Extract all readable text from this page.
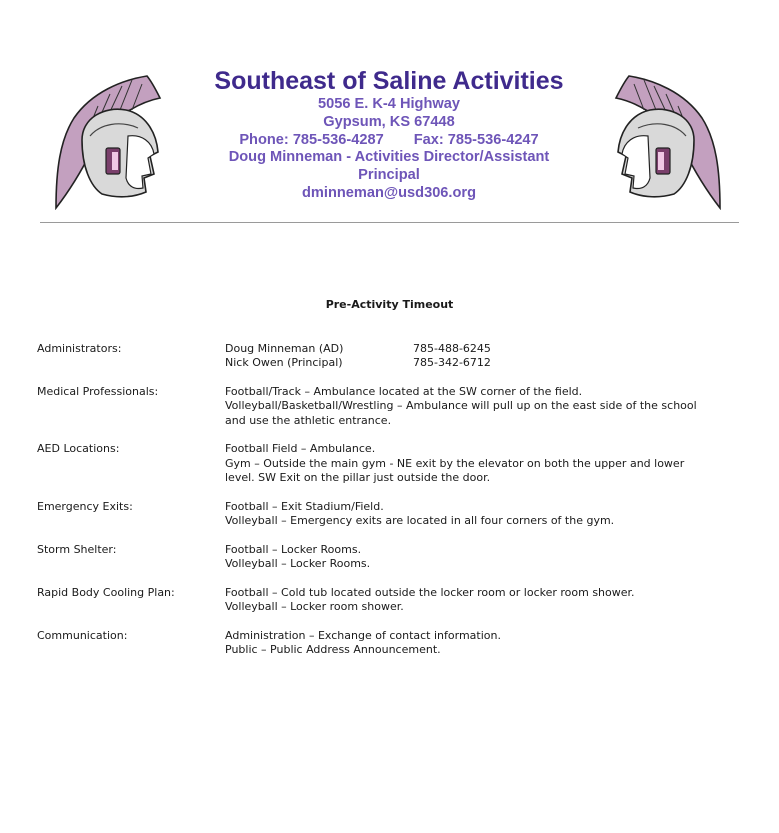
Southeast of Saline Activities
5056 E. K-4 Highway
Gypsum, KS 67448
Phone: 785-536-4287 Fax: 785-536-4247
Doug Minneman - Activities Director/Assistant
Principal
dminneman@usd306.org
Pre-Activity Timeout
Administrators:	Doug Minneman (AD)	785-488-6245
Nick Owen (Principal)	785-342-6712
Medical Professionals:	Football/Track – Ambulance located at the SW corner of the field.
Volleyball/Basketball/Wrestling – Ambulance will pull up on the east side of the school
and use the athletic entrance.
AED Locations:	Football Field – Ambulance.
Gym – Outside the main gym - NE exit by the elevator on both the upper and lower
level. SW Exit on the pillar just outside the door.
Emergency Exits:	Football – Exit Stadium/Field.
Volleyball – Emergency exits are located in all four corners of the gym.
Storm Shelter:	Football – Locker Rooms.
Volleyball – Locker Rooms.
Rapid Body Cooling Plan:	Football – Cold tub located outside the locker room or locker room shower.
Volleyball – Locker room shower.
Communication:	Administration – Exchange of contact information.
Public – Public Address Announcement.
